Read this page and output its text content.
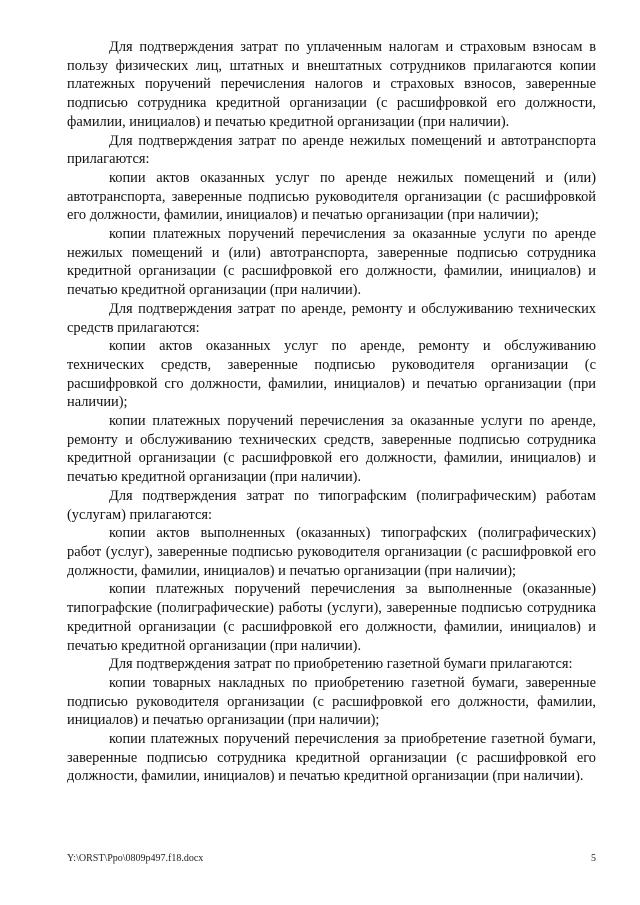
Для подтверждения затрат по уплаченным налогам и страховым взносам в пользу физических лиц, штатных и внештатных сотрудников прилагаются копии платежных поручений перечисления налогов и страховых взносов, заверенные подписью сотрудника кредитной организации (с расшифровкой его должности, фамилии, инициалов) и печатью кредитной организации (при наличии).

Для подтверждения затрат по аренде нежилых помещений и автотранспорта прилагаются:

копии актов оказанных услуг по аренде нежилых помещений и (или) автотранспорта, заверенные подписью руководителя организации (с расшифровкой его должности, фамилии, инициалов) и печатью организации (при наличии);

копии платежных поручений перечисления за оказанные услуги по аренде нежилых помещений и (или) автотранспорта, заверенные подписью сотрудника кредитной организации (с расшифровкой его должности, фамилии, инициалов) и печатью кредитной организации (при наличии).

Для подтверждения затрат по аренде, ремонту и обслуживанию технических средств прилагаются:

копии актов оказанных услуг по аренде, ремонту и обслуживанию технических средств, заверенные подписью руководителя организации (с расшифровкой сго должности, фамилии, инициалов) и печатью организации (при наличии);

копии платежных поручений перечисления за оказанные услуги по аренде, ремонту и обслуживанию технических средств, заверенные подписью сотрудника кредитной организации (с расшифровкой его должности, фамилии, инициалов) и печатью кредитной организации (при наличии).

Для подтверждения затрат по типографским (полиграфическим) работам (услугам) прилагаются:

копии актов выполненных (оказанных) типографских (полиграфических) работ (услуг), заверенные подписью руководителя организации (с расшифровкой его должности, фамилии, инициалов) и печатью организации (при наличии);

копии платежных поручений перечисления за выполненные (оказанные) типографские (полиграфические) работы (услуги), заверенные подписью сотрудника кредитной организации (с расшифровкой его должности, фамилии, инициалов) и печатью кредитной организации (при наличии).

Для подтверждения затрат по приобретению газетной бумаги прилагаются:

копии товарных накладных по приобретению газетной бумаги, заверенные подписью руководителя организации (с расшифровкой его должности, фамилии, инициалов) и печатью организации (при наличии);

копии платежных поручений перечисления за приобретение газетной бумаги, заверенные подписью сотрудника кредитной организации (с расшифровкой его должности, фамилии, инициалов) и печатью кредитной организации (при наличии).

Y:\ORST\Ppo\0809p497.f18.docx	5
